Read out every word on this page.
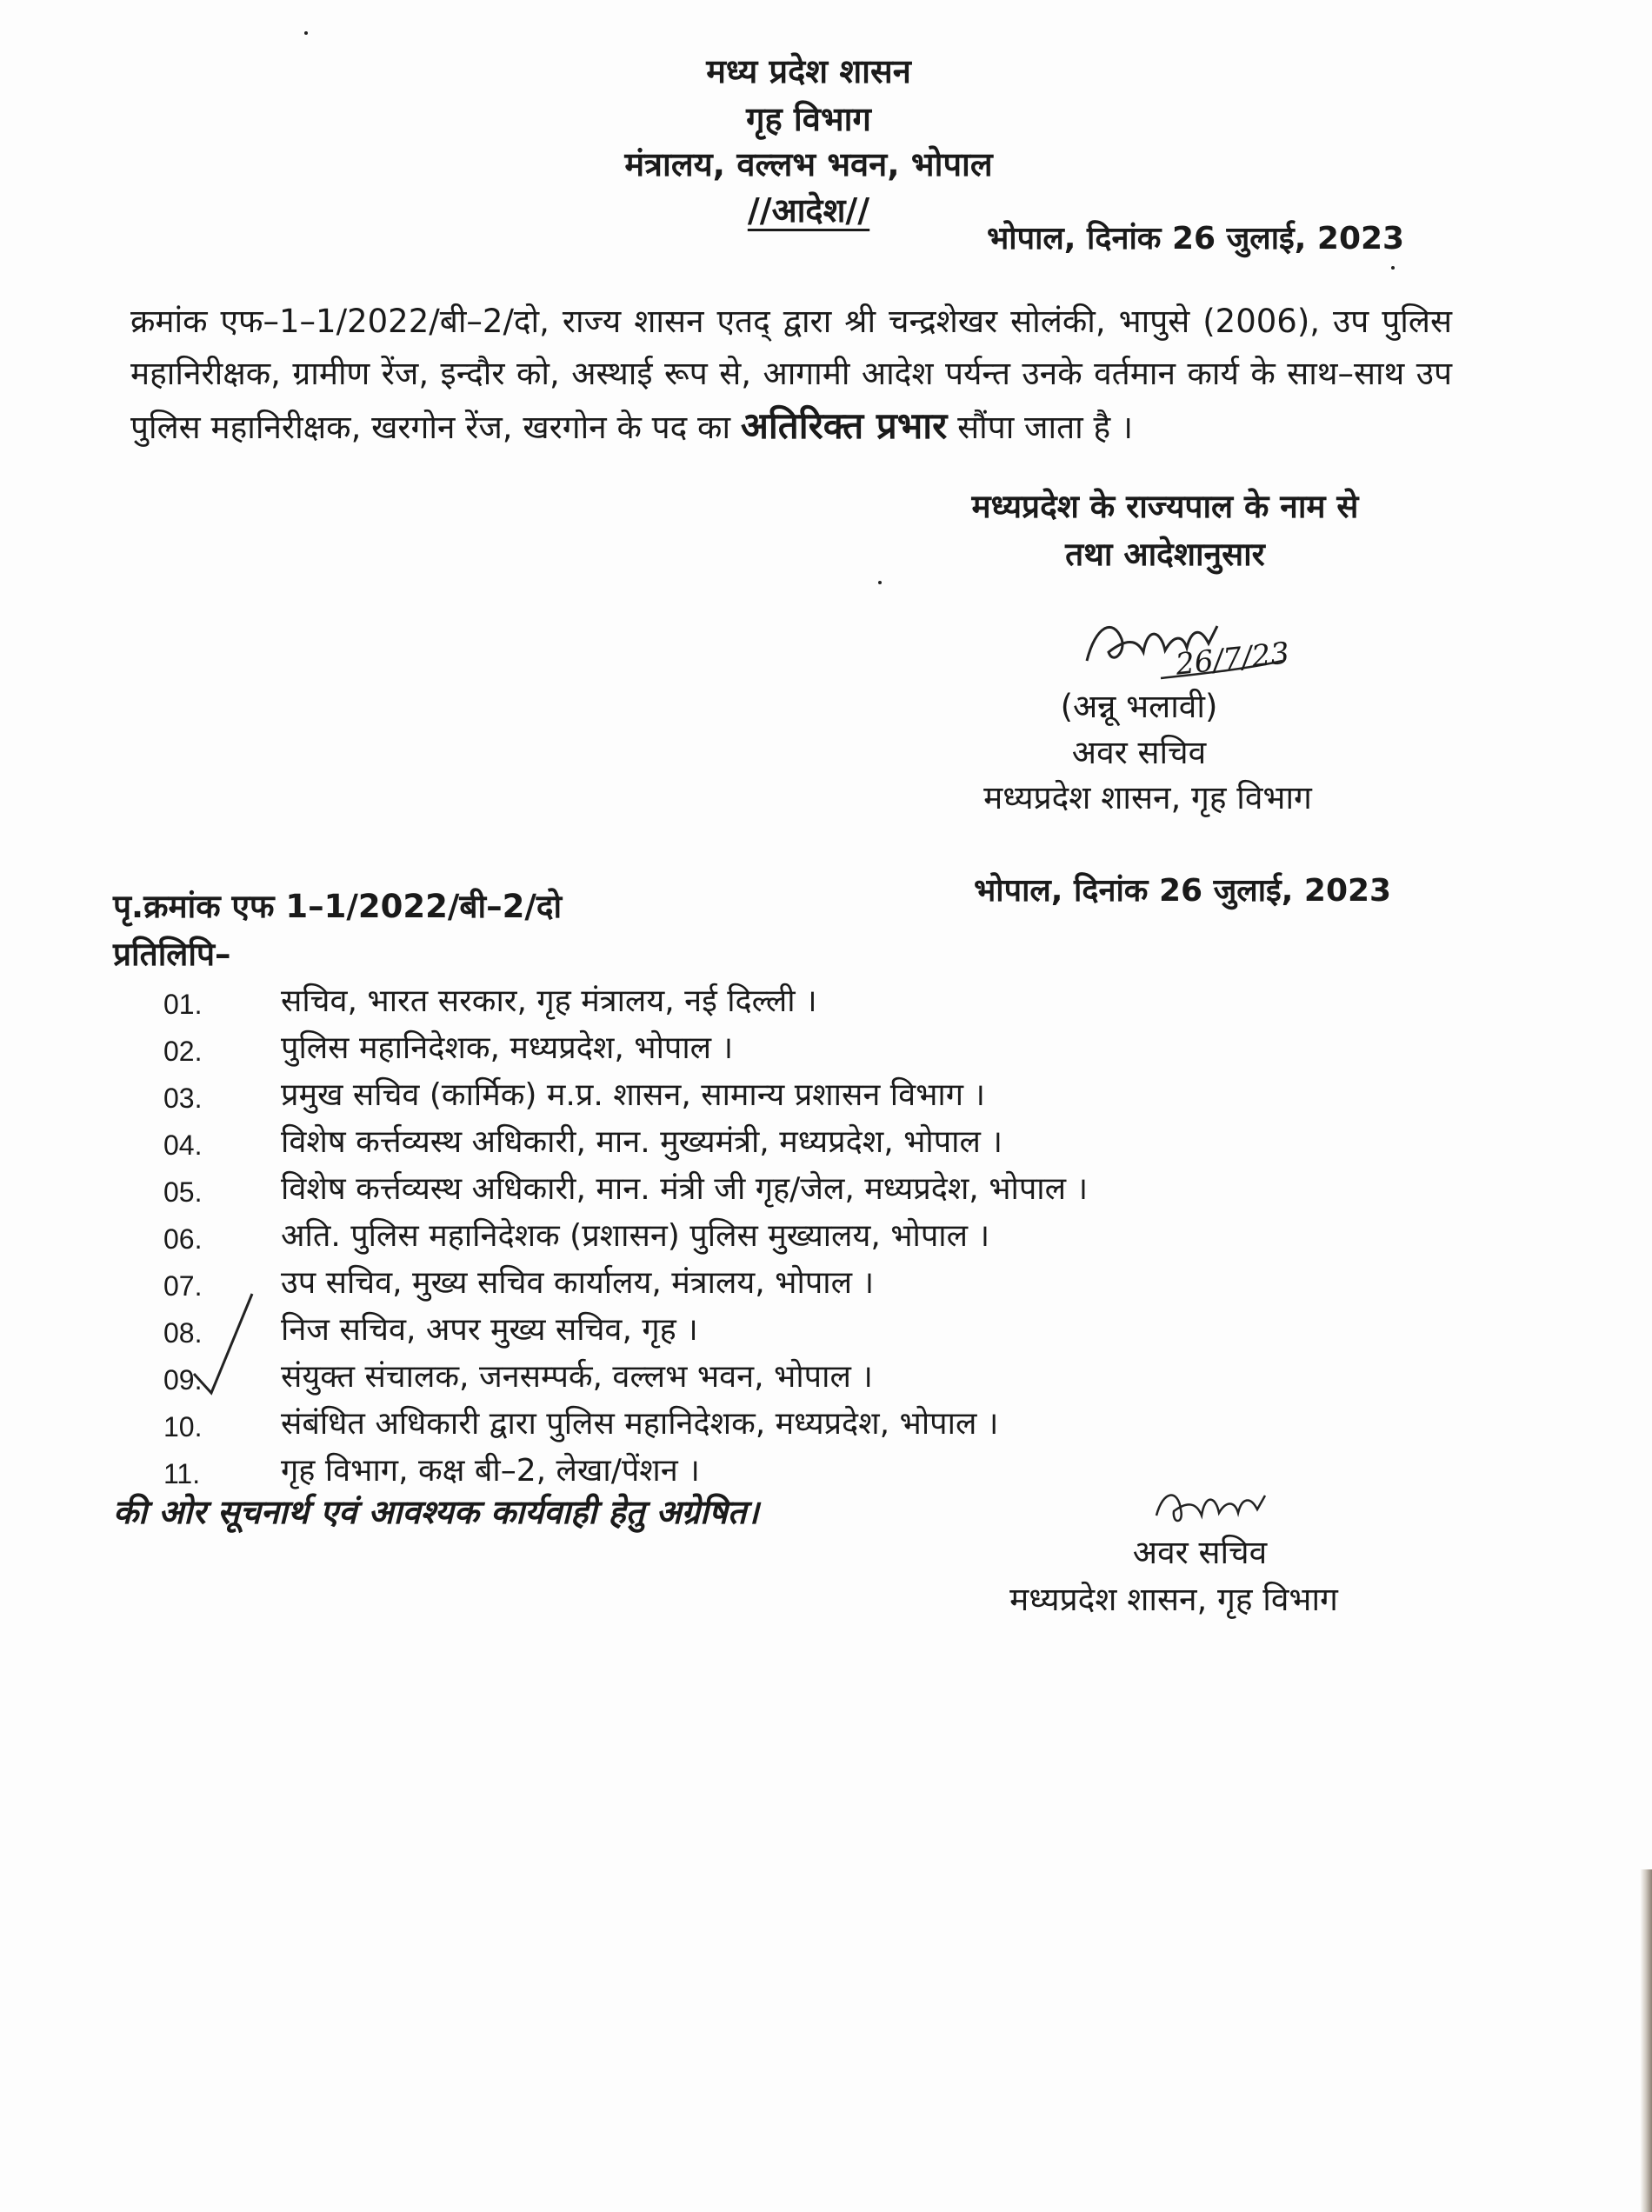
मध्य प्रदेश शासन
गृह विभाग
मंत्रालय, वल्लभ भवन, भोपाल
//आदेश//
भोपाल, दिनांक 26 जुलाई, 2023
क्रमांक एफ–1–1/2022/बी–2/दो, राज्य शासन एतद् द्वारा श्री चन्द्रशेखर सोलंकी, भापुसे (2006), उप पुलिस महानिरीक्षक, ग्रामीण रेंज, इन्दौर को, अस्थाई रूप से, आगामी आदेश पर्यन्त उनके वर्तमान कार्य के साथ–साथ उप पुलिस महानिरीक्षक, खरगोन रेंज, खरगोन के पद का अतिरिक्त प्रभार सौंपा जाता है ।
मध्यप्रदेश के राज्यपाल के नाम से
तथा आदेशानुसार
26/7/23
(अन्नू भलावी)
अवर सचिव
मध्यप्रदेश शासन, गृह विभाग
पृ.क्रमांक एफ 1–1/2022/बी–2/दो	भोपाल, दिनांक 26 जुलाई, 2023
प्रतिलिपि–
01.	सचिव, भारत सरकार, गृह मंत्रालय, नई दिल्ली ।
02.	पुलिस महानिदेशक, मध्यप्रदेश, भोपाल ।
03.	प्रमुख सचिव (कार्मिक) म.प्र. शासन, सामान्य प्रशासन विभाग ।
04.	विशेष कर्त्तव्यस्थ अधिकारी, मान. मुख्यमंत्री, मध्यप्रदेश, भोपाल ।
05.	विशेष कर्त्तव्यस्थ अधिकारी, मान. मंत्री जी गृह/जेल, मध्यप्रदेश, भोपाल ।
06.	अति. पुलिस महानिदेशक (प्रशासन) पुलिस मुख्यालय, भोपाल ।
07.	उप सचिव, मुख्य सचिव कार्यालय, मंत्रालय, भोपाल ।
08.	निज सचिव, अपर मुख्य सचिव, गृह ।
09.	संयुक्त संचालक, जनसम्पर्क, वल्लभ भवन, भोपाल ।
10.	संबंधित अधिकारी द्वारा पुलिस महानिदेशक, मध्यप्रदेश, भोपाल ।
11.	गृह विभाग, कक्ष बी–2, लेखा/पेंशन ।
की ओर सूचनार्थ एवं आवश्यक कार्यवाही हेतु अग्रेषित।
अवर सचिव
मध्यप्रदेश शासन, गृह विभाग
